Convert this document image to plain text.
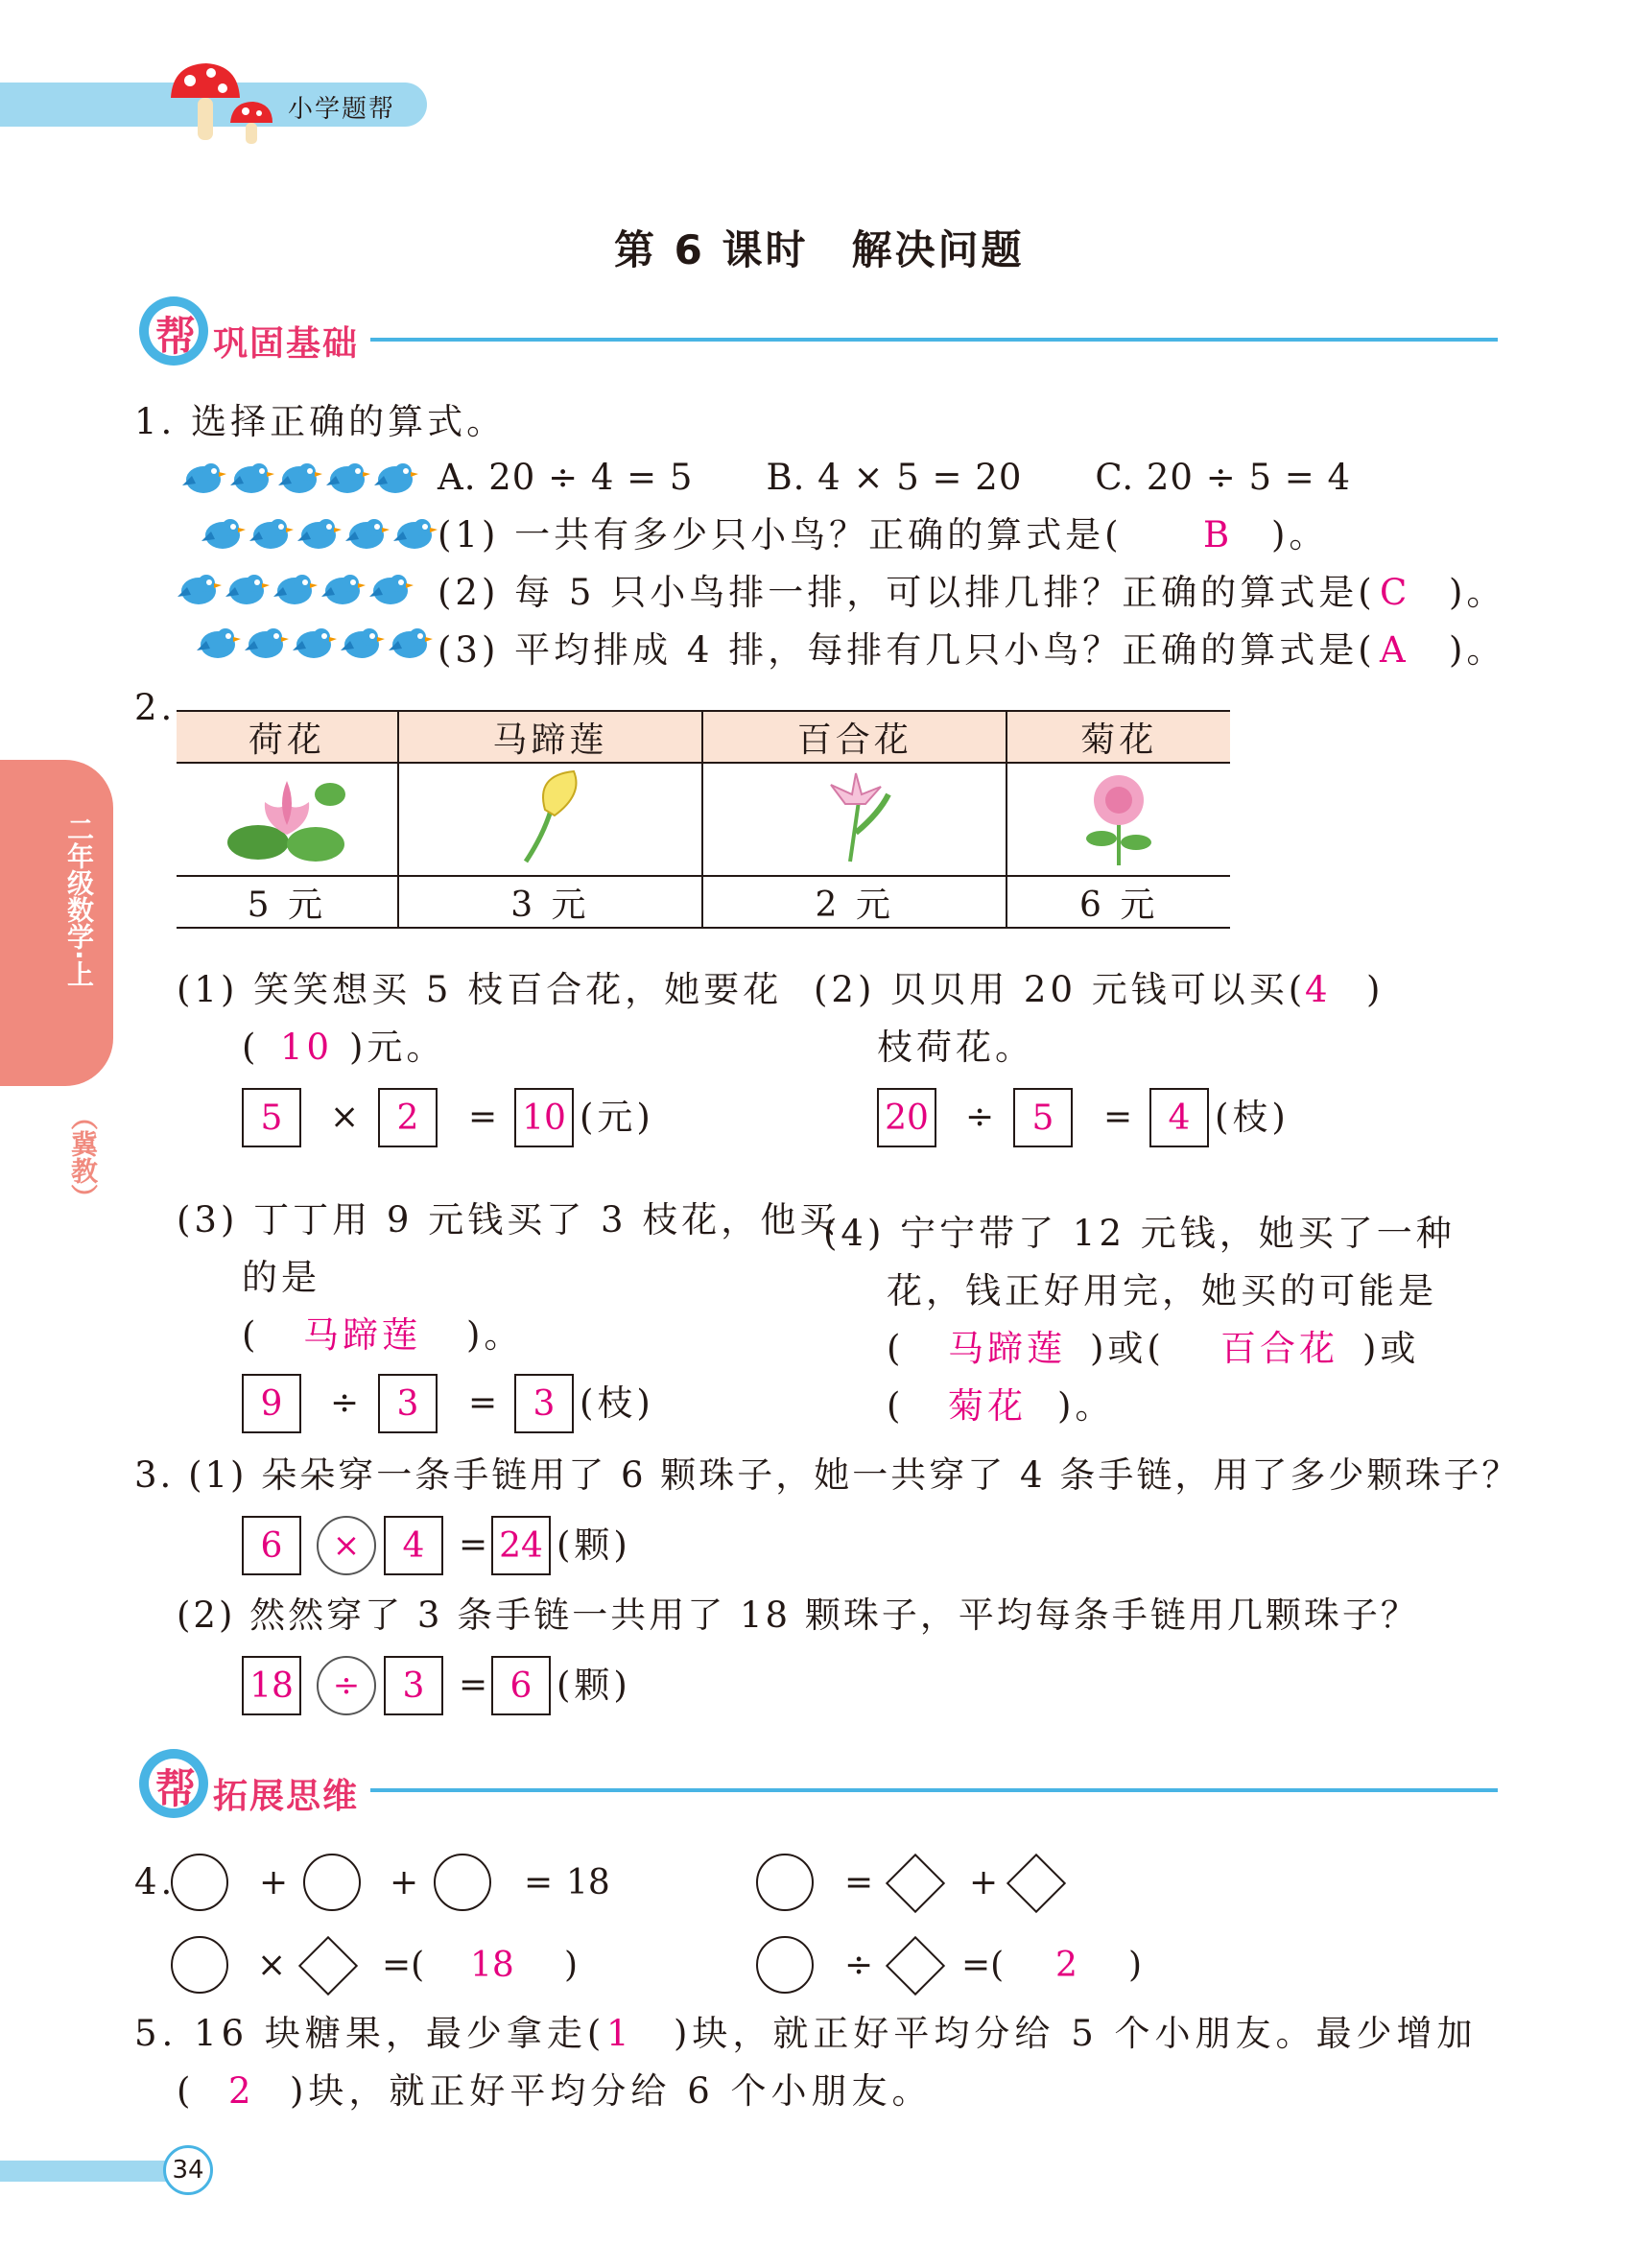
小学题帮
第 6 课时　解决问题
二年级数学·上
（冀教）
帮 巩固基础
1. 选择正确的算式。
A. 20 ÷ 4 = 5　　B. 4 × 5 = 20　　C. 20 ÷ 5 = 4
(1) 一共有多少只小鸟？正确的算式是( B )。
(2) 每 5 只小鸟排一排，可以排几排？正确的算式是( C )。
(3) 平均排成 4 排，每排有几只小鸟？正确的算式是( A )。
2.
荷花	马蹄莲	百合花	菊花

5 元	3 元	2 元	6 元
(1) 笑笑想买 5 枝百合花，她要花
( 10 )元。
5	×	2	= 10 (元)
(2) 贝贝用 20 元钱可以买(
4 )
枝荷花。
20 ÷	5	=	4 (枝)
(3) 丁丁用 9 元钱买了 3 枝花，他买
的是
( 马蹄莲 )。
9	÷	3	=	3 (枝)
(4) 宁宁带了 12 元钱，她买了一种
花，钱正好用完，她买的可能是
( 马蹄莲 )或( 百合花 )或
( 菊花 )。
3. (1) 朵朵穿一条手链用了 6 颗珠子，她一共穿了 4 条手链，用了多少颗珠子？
6	×	4 = 24 (颗)
(2) 然然穿了 3 条手链一共用了 18 颗珠子，平均每条手链用几颗珠子？
18	÷	3 = 6 (颗)
帮 拓展思维
4. +	+	= 18	=	+
×	=( 18 )	÷	=( 2 )
5. 16 块糖果，最少拿走( 1 )块，就正好平均分给 5 个小朋友。最少增加
( 2 )块，就正好平均分给 6 个小朋友。
34
